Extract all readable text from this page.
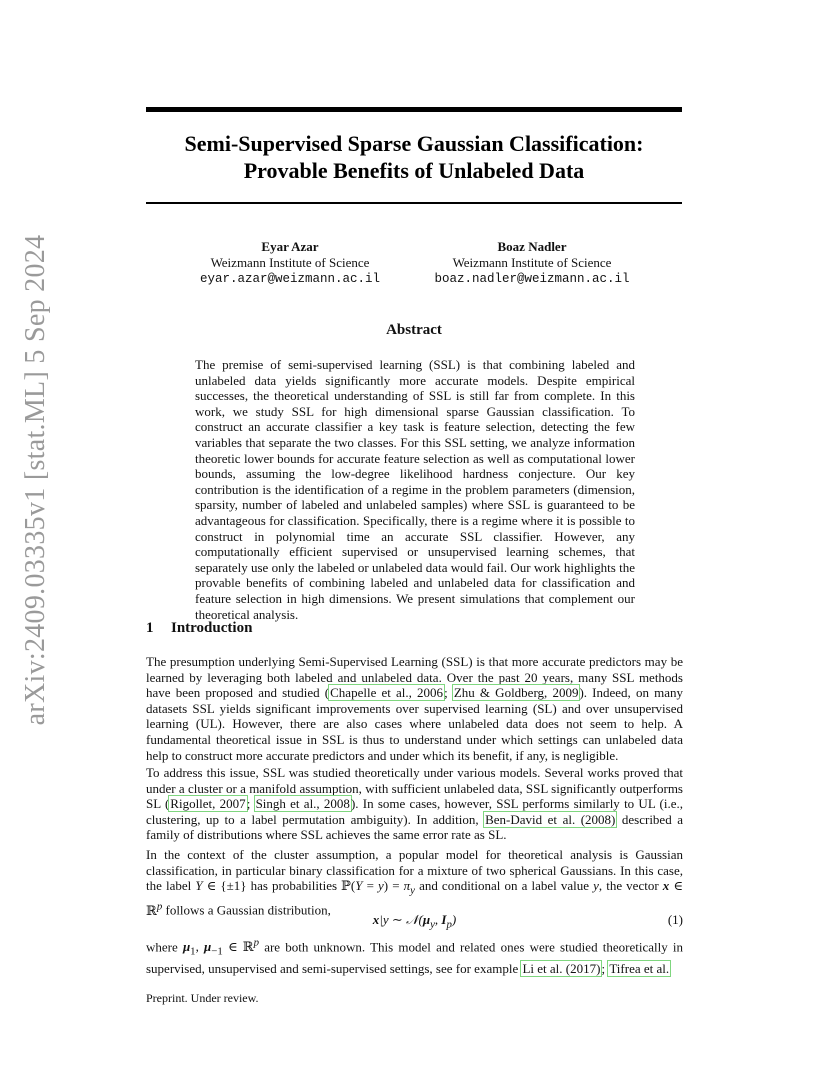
arXiv:2409.03335v1 [stat.ML] 5 Sep 2024
Semi-Supervised Sparse Gaussian Classification:
Provable Benefits of Unlabeled Data
Eyar Azar
Weizmann Institute of Science
eyar.azar@weizmann.ac.il
Boaz Nadler
Weizmann Institute of Science
boaz.nadler@weizmann.ac.il
Abstract
The premise of semi-supervised learning (SSL) is that combining labeled and unlabeled data yields significantly more accurate models. Despite empirical successes, the theoretical understanding of SSL is still far from complete. In this work, we study SSL for high dimensional sparse Gaussian classification. To construct an accurate classifier a key task is feature selection, detecting the few variables that separate the two classes. For this SSL setting, we analyze information theoretic lower bounds for accurate feature selection as well as computational lower bounds, assuming the low-degree likelihood hardness conjecture. Our key contribution is the identification of a regime in the problem parameters (dimension, sparsity, number of labeled and unlabeled samples) where SSL is guaranteed to be advantageous for classification. Specifically, there is a regime where it is possible to construct in polynomial time an accurate SSL classifier. However, any computationally efficient supervised or unsupervised learning schemes, that separately use only the labeled or unlabeled data would fail. Our work highlights the provable benefits of combining labeled and unlabeled data for classification and feature selection in high dimensions. We present simulations that complement our theoretical analysis.
1 Introduction
The presumption underlying Semi-Supervised Learning (SSL) is that more accurate predictors may be learned by leveraging both labeled and unlabeled data. Over the past 20 years, many SSL methods have been proposed and studied (Chapelle et al., 2006; Zhu & Goldberg, 2009). Indeed, on many datasets SSL yields significant improvements over supervised learning (SL) and over unsupervised learning (UL). However, there are also cases where unlabeled data does not seem to help. A fundamental theoretical issue in SSL is thus to understand under which settings can unlabeled data help to construct more accurate predictors and under which its benefit, if any, is negligible.
To address this issue, SSL was studied theoretically under various models. Several works proved that under a cluster or a manifold assumption, with sufficient unlabeled data, SSL significantly outperforms SL (Rigollet, 2007; Singh et al., 2008). In some cases, however, SSL performs similarly to UL (i.e., clustering, up to a label permutation ambiguity). In addition, Ben-David et al. (2008) described a family of distributions where SSL achieves the same error rate as SL.
In the context of the cluster assumption, a popular model for theoretical analysis is Gaussian classification, in particular binary classification for a mixture of two spherical Gaussians. In this case, the label Y ∈ {±1} has probabilities ℙ(Y = $y) = \pi_y$ and conditional on a label value y, the vector x ∈ ℝ$^p$ follows a Gaussian distribution,
x|y ∼ $𝒩(\mu_y$, $I_p$)	(1)
where $\mu_1$, $\mu_{-1}$ ∈ ℝ$^p$ are both unknown. This model and related ones were studied theoretically in supervised, unsupervised and semi-supervised settings, see for example Li et al. (2017); Tifrea et al.
Preprint. Under review.
